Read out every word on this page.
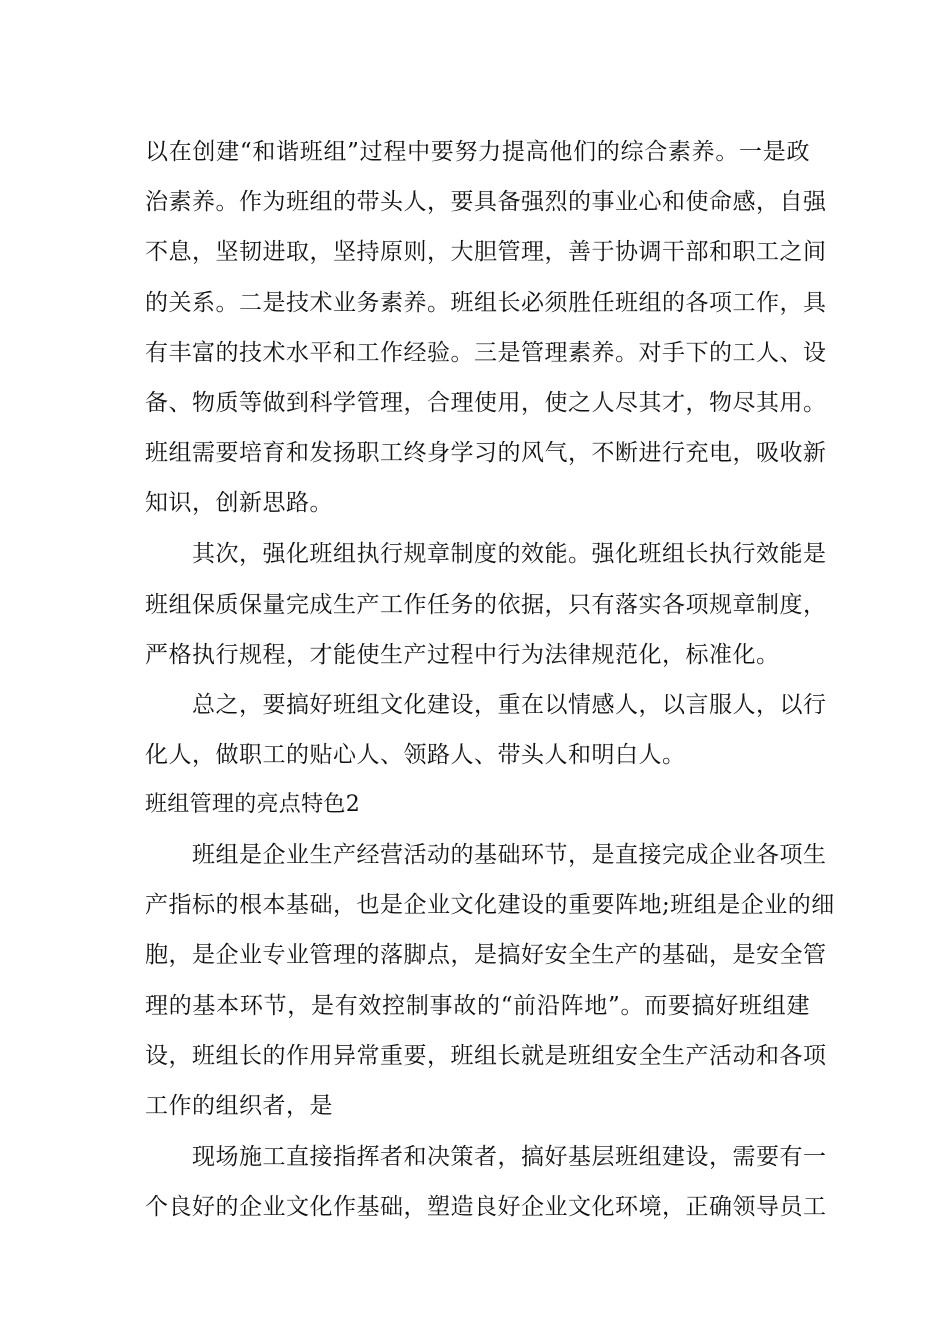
以在创建“和谐班组”过程中要努力提高他们的综合素养。一是政
治素养。作为班组的带头人，要具备强烈的事业心和使命感，自强
不息，坚韧进取，坚持原则，大胆管理，善于协调干部和职工之间
的关系。二是技术业务素养。班组长必须胜任班组的各项工作，具
有丰富的技术水平和工作经验。三是管理素养。对手下的工人、设
备、物质等做到科学管理，合理使用，使之人尽其才，物尽其用。
班组需要培育和发扬职工终身学习的风气，不断进行充电，吸收新
知识，创新思路。
其次，强化班组执行规章制度的效能。强化班组长执行效能是
班组保质保量完成生产工作任务的依据，只有落实各项规章制度，
严格执行规程，才能使生产过程中行为法律规范化，标准化。
总之，要搞好班组文化建设，重在以情感人，以言服人，以行
化人，做职工的贴心人、领路人、带头人和明白人。
班组管理的亮点特色2
班组是企业生产经营活动的基础环节，是直接完成企业各项生
产指标的根本基础，也是企业文化建设的重要阵地;班组是企业的细
胞，是企业专业管理的落脚点，是搞好安全生产的基础，是安全管
理的基本环节，是有效控制事故的“前沿阵地”。而要搞好班组建
设，班组长的作用异常重要，班组长就是班组安全生产活动和各项
工作的组织者，是
现场施工直接指挥者和决策者，搞好基层班组建设，需要有一
个良好的企业文化作基础，塑造良好企业文化环境，正确领导员工
